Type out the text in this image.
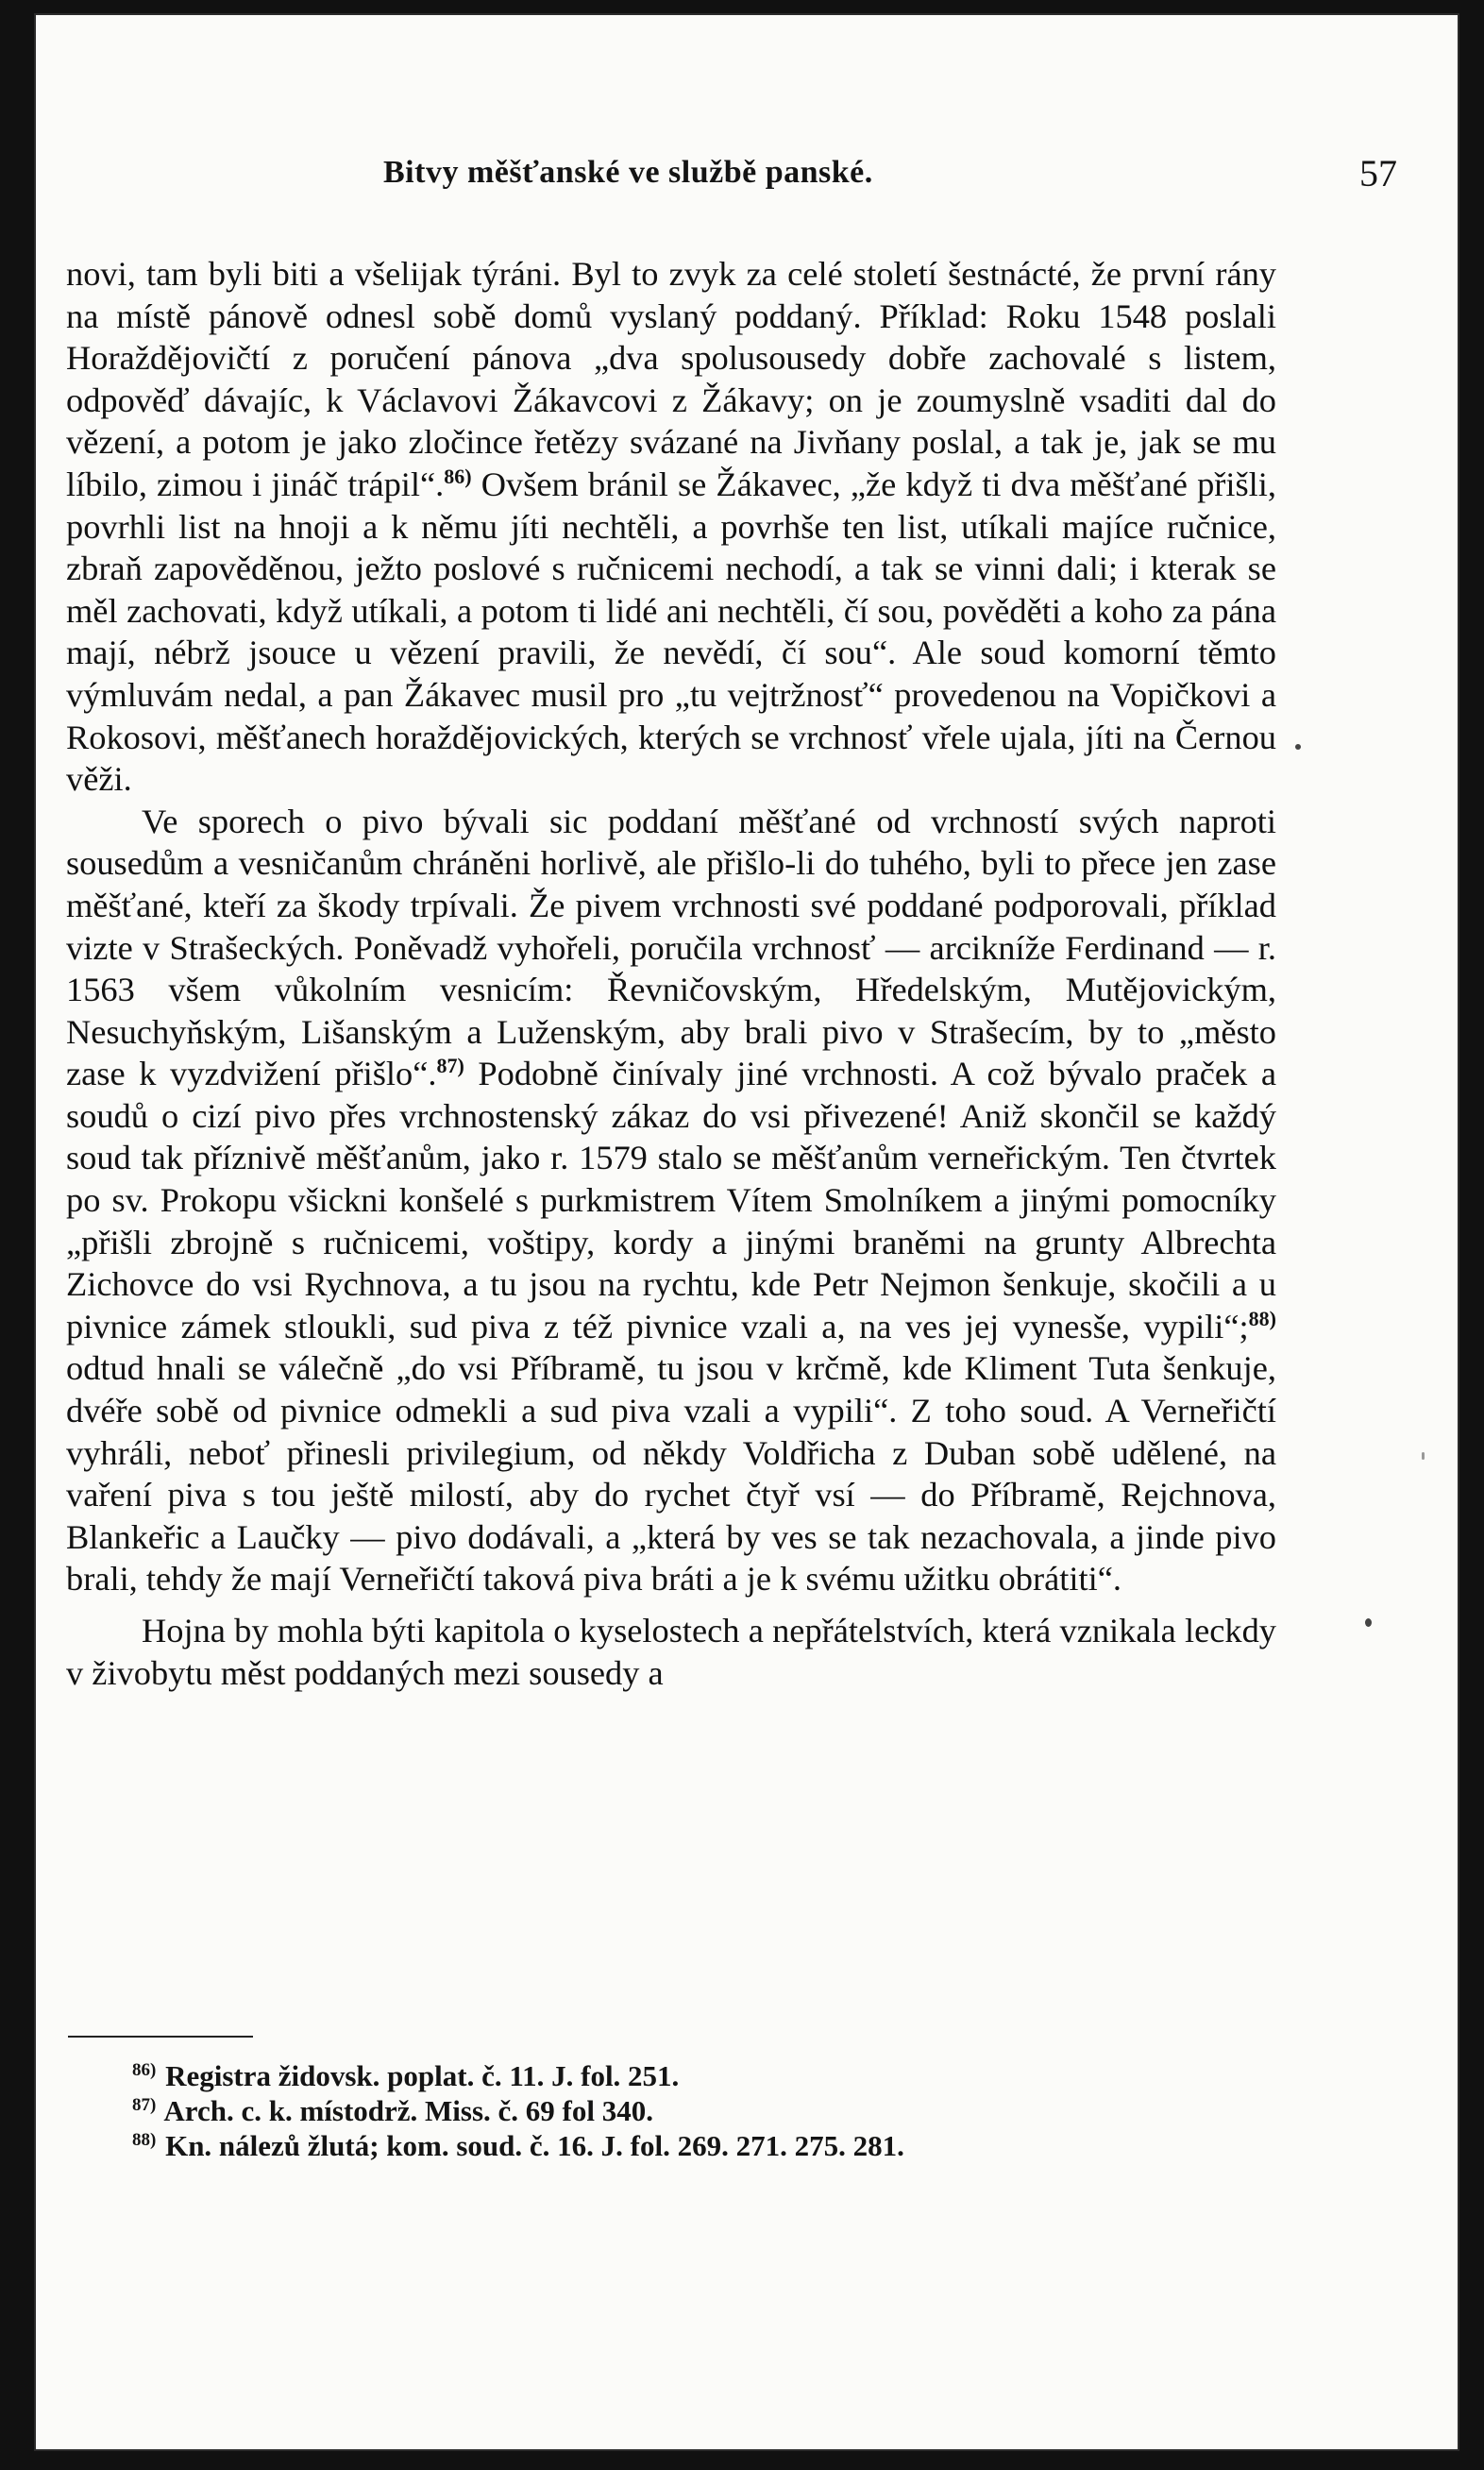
Bitvy měšťanské ve službě panské.	57

novi, tam byli biti a všelijak týráni. Byl to zvyk za celé století šestnácté, že první rány na místě pánově odnesl sobě domů vyslaný poddaný. Příklad: Roku 1548 poslali Horaždějovičtí z poručení pánova „dva spolusousedy dobře zachovalé s listem, odpověď dávajíc, k Václavovi Žákavcovi z Žákavy; on je zoumyslně vsaditi dal do vězení, a potom je jako zločince řetězy svázané na Jivňany poslal, a tak je, jak se mu líbilo, zimou i jináč trápil“.$^{86)}$ Ovšem bránil se Žákavec, „že když ti dva měšťané přišli, povrhli list na hnoji a k němu jíti nechtěli, a povrhše ten list, utíkali majíce ručnice, zbraň zapověděnou, ježto poslové s ručnicemi nechodí, a tak se vinni dali; i kterak se měl zachovati, když utíkali, a potom ti lidé ani nechtěli, čí sou, pověděti a koho za pána mají, nébrž jsouce u vězení pravili, že nevědí, čí sou“. Ale soud komorní těmto výmluvám nedal, a pan Žákavec musil pro „tu vejtržnosť“ provedenou na Vopičkovi a Rokosovi, měšťanech horaždějovických, kterých se vrchnosť vřele ujala, jíti na Černou věži.

Ve sporech o pivo bývali sic poddaní měšťané od vrchností svých naproti sousedům a vesničanům chráněni horlivě, ale přišlo-li do tuhého, byli to přece jen zase měšťané, kteří za škody trpívali. Že pivem vrchnosti své poddané podporovali, příklad vizte v Strašeckých. Poněvadž vyhořeli, poručila vrchnosť — arcikníže Ferdinand — r. 1563 všem vůkolním vesnicím: Řevničovským, Hředelským, Mutějovickým, Nesuchyňským, Lišanským a Luženským, aby brali pivo v Strašecím, by to „město zase k vyzdvižení přišlo“.$^{87)}$ Podobně činívaly jiné vrchnosti. A což bývalo praček a soudů o cizí pivo přes vrchnostenský zákaz do vsi přivezené! Aniž skončil se každý soud tak příznivě měšťanům, jako r. 1579 stalo se měšťanům verneřickým. Ten čtvrtek po sv. Prokopu všickni konšelé s purkmistrem Vítem Smolníkem a jinými pomocníky „přišli zbrojně s ručnicemi, voštipy, kordy a jinými braněmi na grunty Albrechta Zichovce do vsi Rychnova, a tu jsou na rychtu, kde Petr Nejmon šenkuje, skočili a u pivnice zámek stloukli, sud piva z též pivnice vzali a, na ves jej vynesše, vypili“;$^{88)}$ odtud hnali se válečně „do vsi Příbramě, tu jsou v krčmě, kde Kliment Tuta šenkuje, dvéře sobě od pivnice odmekli a sud piva vzali a vypili“. Z toho soud. A Verneřičtí vyhráli, neboť přinesli privilegium, od někdy Voldřicha z Duban sobě udělené, na vaření piva s tou ještě milostí, aby do rychet čtyř vsí — do Příbramě, Rejchnova, Blankeřic a Laučky — pivo dodávali, a „která by ves se tak nezachovala, a jinde pivo brali, tehdy že mají Verneřičtí taková piva bráti a je k svému užitku obrátiti“.

Hojna by mohla býti kapitola o kyselostech a nepřátelstvích, která vznikala leckdy v živobytu měst poddaných mezi sousedy a

$^{86)}$ Registra židovsk. poplat. č. 11. J. fol. 251.

$^{87)}$ Arch. c. k. místodrž. Miss. č. 69 fol 340.

$^{88)}$ Kn. nálezů žlutá; kom. soud. č. 16. J. fol. 269. 271. 275. 281.
